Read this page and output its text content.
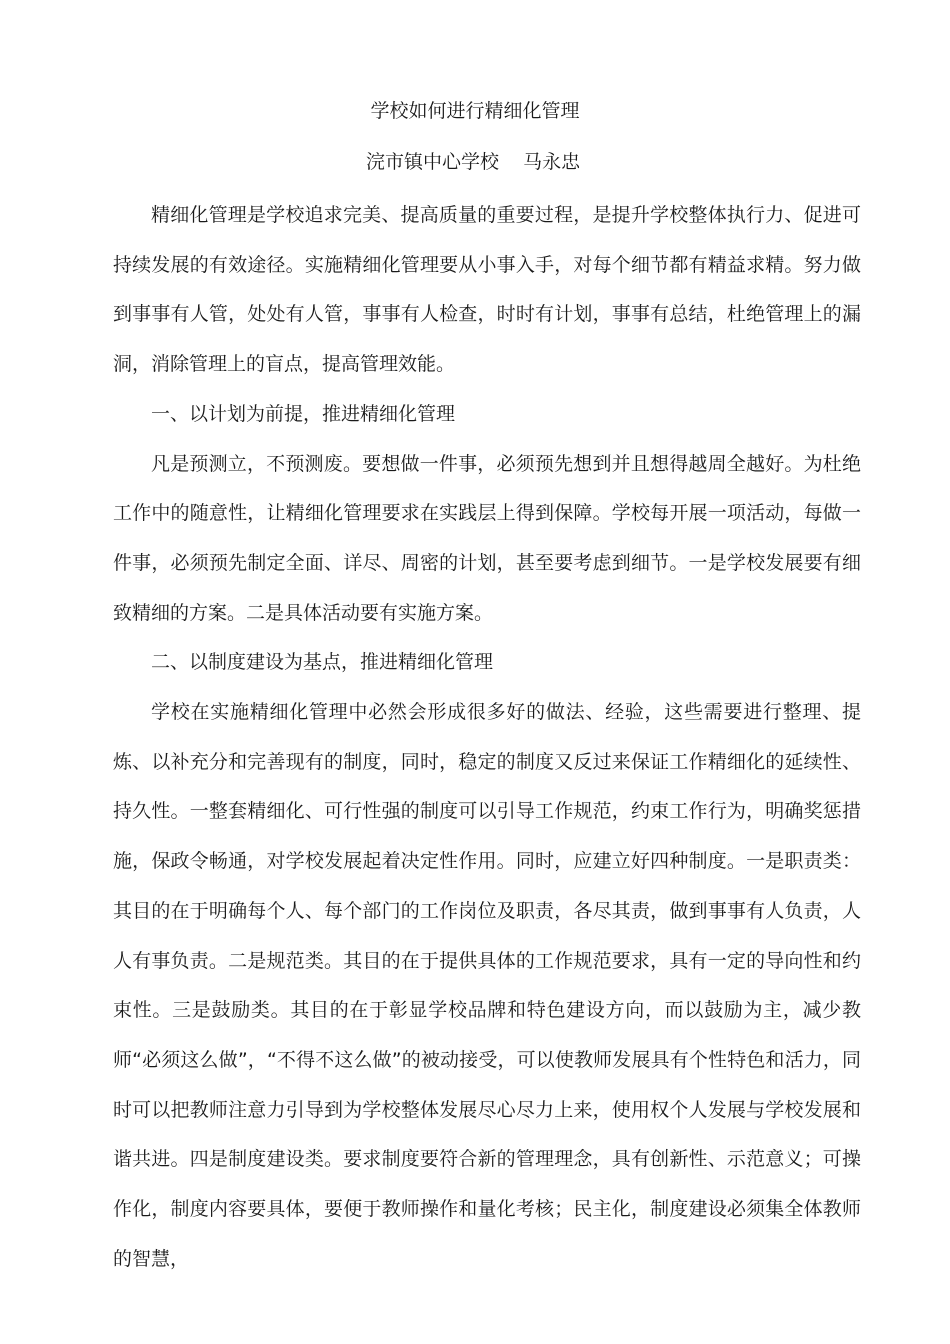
学校如何进行精细化管理
浣市镇中心学校    马永忠

精细化管理是学校追求完美、提高质量的重要过程，是提升学校整体执行力、促进可持续发展的有效途径。实施精细化管理要从小事入手，对每个细节都有精益求精。努力做到事事有人管，处处有人管，事事有人检查，时时有计划，事事有总结，杜绝管理上的漏洞，消除管理上的盲点，提高管理效能。

一、以计划为前提，推进精细化管理

凡是预测立，不预测废。要想做一件事，必须预先想到并且想得越周全越好。为杜绝工作中的随意性，让精细化管理要求在实践层上得到保障。学校每开展一项活动，每做一件事，必须预先制定全面、详尽、周密的计划，甚至要考虑到细节。一是学校发展要有细致精细的方案。二是具体活动要有实施方案。

二、以制度建设为基点，推进精细化管理

学校在实施精细化管理中必然会形成很多好的做法、经验，这些需要进行整理、提炼、以补充分和完善现有的制度，同时，稳定的制度又反过来保证工作精细化的延续性、持久性。一整套精细化、可行性强的制度可以引导工作规范，约束工作行为，明确奖惩措施，保政令畅通，对学校发展起着决定性作用。同时，应建立好四种制度。一是职责类：其目的在于明确每个人、每个部门的工作岗位及职责，各尽其责，做到事事有人负责，人人有事负责。二是规范类。其目的在于提供具体的工作规范要求，具有一定的导向性和约束性。三是鼓励类。其目的在于彰显学校品牌和特色建设方向，而以鼓励为主，减少教师“必须这么做”，“不得不这么做”的被动接受，可以使教师发展具有个性特色和活力，同时可以把教师注意力引导到为学校整体发展尽心尽力上来，使用权个人发展与学校发展和谐共进。四是制度建设类。要求制度要符合新的管理理念，具有创新性、示范意义；可操作化，制度内容要具体，要便于教师操作和量化考核；民主化，制度建设必须集全体教师的智慧，
